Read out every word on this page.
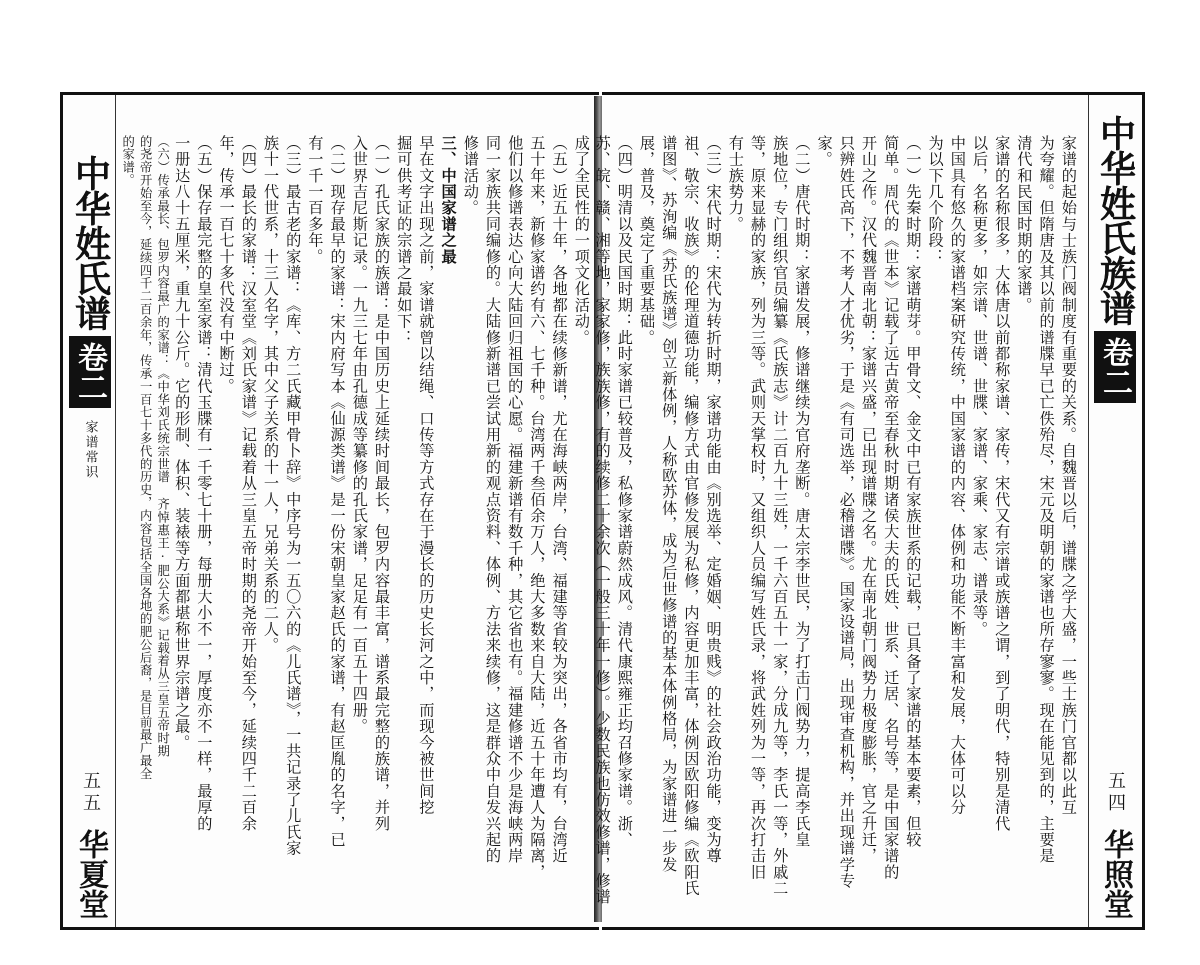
中华姓氏谱
卷二
家谱常识
五五
华夏堂
成了全民性的一项文化活动。
（五）近五十年，各地都在续修新谱，尤在海峡两岸，台湾、福建等省较为突出，各省市均有，台湾近
五十年来，新修家谱约有六、七千种。台湾两千叁佰余万人，绝大多数来自大陆，近五十年遭人为隔离，
他们以修谱表达心向大陆回归祖国的心愿。福建新谱有数千种，其它省也有。福建修谱不少是海峡两岸
同一家族共同编修的。大陆修新谱已尝试用新的观点资料、体例、方法来续修，这是群众中自发兴起的
修谱活动。
三、中国家谱之最
早在文字出现之前，家谱就曾以结绳、口传等方式存在于漫长的历史长河之中，而现今被世间挖
掘可供考证的宗谱之最如下：
（一）孔氏家族的族谱：是中国历史上延续时间最长，包罗内容最丰富，谱系最完整的族谱，并列
入世界吉尼斯记录。一九三七年由孔德成等纂修的孔氏家谱，足足有一百五十四册。
（二）现存最早的家谱：宋内府写本《仙源类谱》是一份宋朝皇家赵氏的家谱，有赵匡胤的名字，已
有一千一百多年。
（三）最古老的家谱：《库、方二氏藏甲骨卜辞》中序号为一五〇六的《儿氏谱》，一共记录了儿氏家
族十一代世系，十三人名字，其中父子关系的十一人，兄弟关系的二人。
（四）最长的家谱：汉室堂《刘氏家谱》记载着从三皇五帝时期的尧帝开始至今，延续四千二百余
年，传承一百七十多代没有中断过。
（五）保存最完整的皇室家谱：清代玉牒有一千零七十册，每册大小不一，厚度亦不一样，最厚的
一册达八十五厘米，重九十公斤。它的形制、体积、装裱等方面都堪称世界宗谱之最。
（六）传承最长、包罗内容最广的家谱：《中华刘氏统宗世谱 齐悼惠王·肥公大系》记载着从三皇五帝时期
的尧帝开始至今，延续四千二百余年，传承一百七十多代的历史，内容包括全国各地的肥公后裔，是目前最广最全
的家谱。	家谱的起始与士族门阀制度有重要的关系。自魏晋以后，谱牒之学大盛，一些士族门官都以此互
为夸耀。但隋唐及其以前的谱牒早已亡佚殆尽，宋元及明朝的家谱也所存寥寥。现在能见到的，主要是
清代和民国时期的家谱。
家谱的名称很多，大体唐以前都称家谱、家传，宋代又有宗谱或族谱之谓，到了明代，特别是清代
以后，名称更多，如宗谱、世谱、世牒、家谱、家乘、家志、谱录等。
中国具有悠久的家谱档案研究传统，中国家谱的内容、体例和功能不断丰富和发展，大体可以分
为以下几个阶段：
（一）先秦时期：家谱萌芽。甲骨文、金文中已有家族世系的记载，已具备了家谱的基本要素，但较
简单。周代的《世本》记载了远古黄帝至春秋时期诸侯大夫的氏姓、世系、迁居、名号等，是中国家谱的
开山之作。汉代魏晋南北朝：家谱兴盛，已出现谱牒之名。尤在南北朝门阀势力极度膨胀，官之升迁，
只辨姓氏高下，不考人才优劣，于是《有司选举，必稽谱牒》。国家设谱局，出现审查机构，并出现谱学专
家。
（二）唐代时期：家谱发展，修谱继续为官府垄断。唐太宗李世民，为了打击门阀势力，提高李氏皇
族地位，专门组织官员编纂《氏族志》计二百九十三姓，一千六百五十一家，分成九等，李氏一等，外戚二
等，原来显赫的家族，列为三等。武则天掌权时，又组织人员编写姓氏录，将武姓列为一等，再次打击旧
有士族势力。
（三）宋代时期：宋代为转折时期，家谱功能由《别选举、定婚姻、明贵贱》的社会政治功能，变为尊
祖、敬宗、收族》的伦理道德功能，编修方式由官修发展为私修，内容更加丰富，体例因欧阳修编《欧阳氏
谱图》、苏洵编《苏氏族谱》创立新体例，人称欧苏体，成为后世修谱的基本体例格局，为家谱进一步发
展，普及，奠定了重要基础。
（四）明清以及民国时期：此时家谱已较普及，私修家谱蔚然成风。清代康熙雍正均召修家谱。浙、
苏、皖、赣、湘等地，家家修，族族修，有的续修二十余次（一般三十年一修）。少数民族也仿效修谱，修谱	中华姓氏族谱
卷二
五四
华照堂
